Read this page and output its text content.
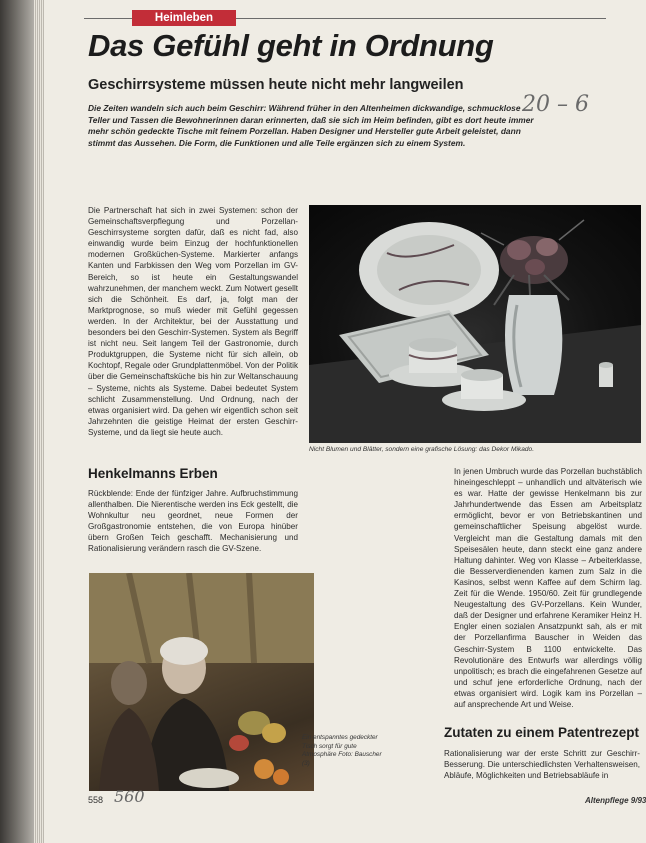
Heimleben
Das Gefühl geht in Ordnung
Geschirrsysteme müssen heute nicht mehr langweilen
20 – 6
Die Zeiten wandeln sich auch beim Geschirr: Während früher in den Altenheimen dickwandige, schmucklose Teller und Tassen die Bewohnerinnen daran erinnerten, daß sie sich im Heim befinden, gibt es dort heute immer mehr schön gedeckte Tische mit feinem Porzellan. Haben Designer und Hersteller gute Arbeit geleistet, dann stimmt das Aussehen. Die Form, die Funktionen und alle Teile ergänzen sich zu einem System.
Die Partnerschaft hat sich in zwei Systemen: schon der Gemeinschaftsverpflegung und Porzellan-Geschirrsysteme sorgten dafür, daß es nicht fad, also einwandig wurde beim Einzug der hochfunktionellen modernen Großküchen-Systeme. Markierter anfangs Kanten und Farbkissen den Weg vom Porzellan im GV-Bereich, so ist heute ein Gestaltungswandel wahrzunehmen, der manchem weckt. Zum Notwert gesellt sich die Schönheit. Es darf, ja, folgt man der Marktprognose, so muß wieder mit Gefühl gegessen werden. In der Architektur, bei der Ausstattung und besonders bei den Geschirr-Systemen. System als Begriff ist nicht neu. Seit langem Teil der Gastronomie, durch Produktgruppen, die Systeme nicht für sich allein, ob Kochtopf, Regale oder Grundplattenmöbel. Von der Politik über die Gemeinschaftsküche bis hin zur Weltanschauung – Systeme, nichts als Systeme. Dabei bedeutet System schlicht Zusammenstellung. Und Ordnung, nach der etwas organisiert wird. Da gehen wir eigentlich schon seit Jahrzehnten die geistige Heimat der ersten Geschirr-Systeme, und da liegt sie heute auch.
Nicht Blumen und Blätter, sondern eine grafische Lösung: das Dekor Mikado.
Henkelmanns Erben
Rückblende: Ende der fünfziger Jahre. Aufbruchstimmung allenthalben. Die Nierentische werden ins Eck gestellt, die Wohnkultur neu geordnet, neue Formen der Großgastronomie entstehen, die von Europa hinüber übern Großen Teich geschafft. Mechanisierung und Rationalisierung verändern rasch die GV-Szene.
Ein entspanntes gedeckter Tisch sorgt für gute Atmosphäre Foto: Bauscher (3)
In jenen Umbruch wurde das Porzellan buchstäblich hineingeschleppt – unhandlich und altväterisch wie es war. Hatte der gewisse Henkelmann bis zur Jahrhundertwende das Essen am Arbeitsplatz ermöglicht, bevor er von Betriebskantinen und gemeinschaftlicher Speisung abgelöst wurde. Vergleicht man die Gestaltung damals mit den Speisesälen heute, dann steckt eine ganz andere Haltung dahinter. Weg von Klasse – Arbeiterklasse, die Besserverdienenden kamen zum Salz in die Kasinos, selbst wenn Kaffee auf dem Schirm lag. Zeit für die Wende. 1950/60. Zeit für grundlegende Neugestaltung des GV-Porzellans. Kein Wunder, daß der Designer und erfahrene Keramiker Heinz H. Engler einen sozialen Ansatzpunkt sah, als er mit der Porzellanfirma Bauscher in Weiden das Geschirr-System B 1100 entwickelte. Das Revolutionäre des Entwurfs war allerdings völlig unpolitisch; es brach die eingefahrenen Gesetze auf und schuf jene erforderliche Ordnung, nach der etwas organisiert wird. Logik kam ins Porzellan – auf ansprechende Art und Weise.
Zutaten zu einem Patentrezept
Rationalisierung war der erste Schritt zur Geschirr-Besserung. Die unterschiedlichsten Verhaltensweisen, Abläufe, Möglichkeiten und Betriebsabläufe in
558 560	Altenpflege 9/93
